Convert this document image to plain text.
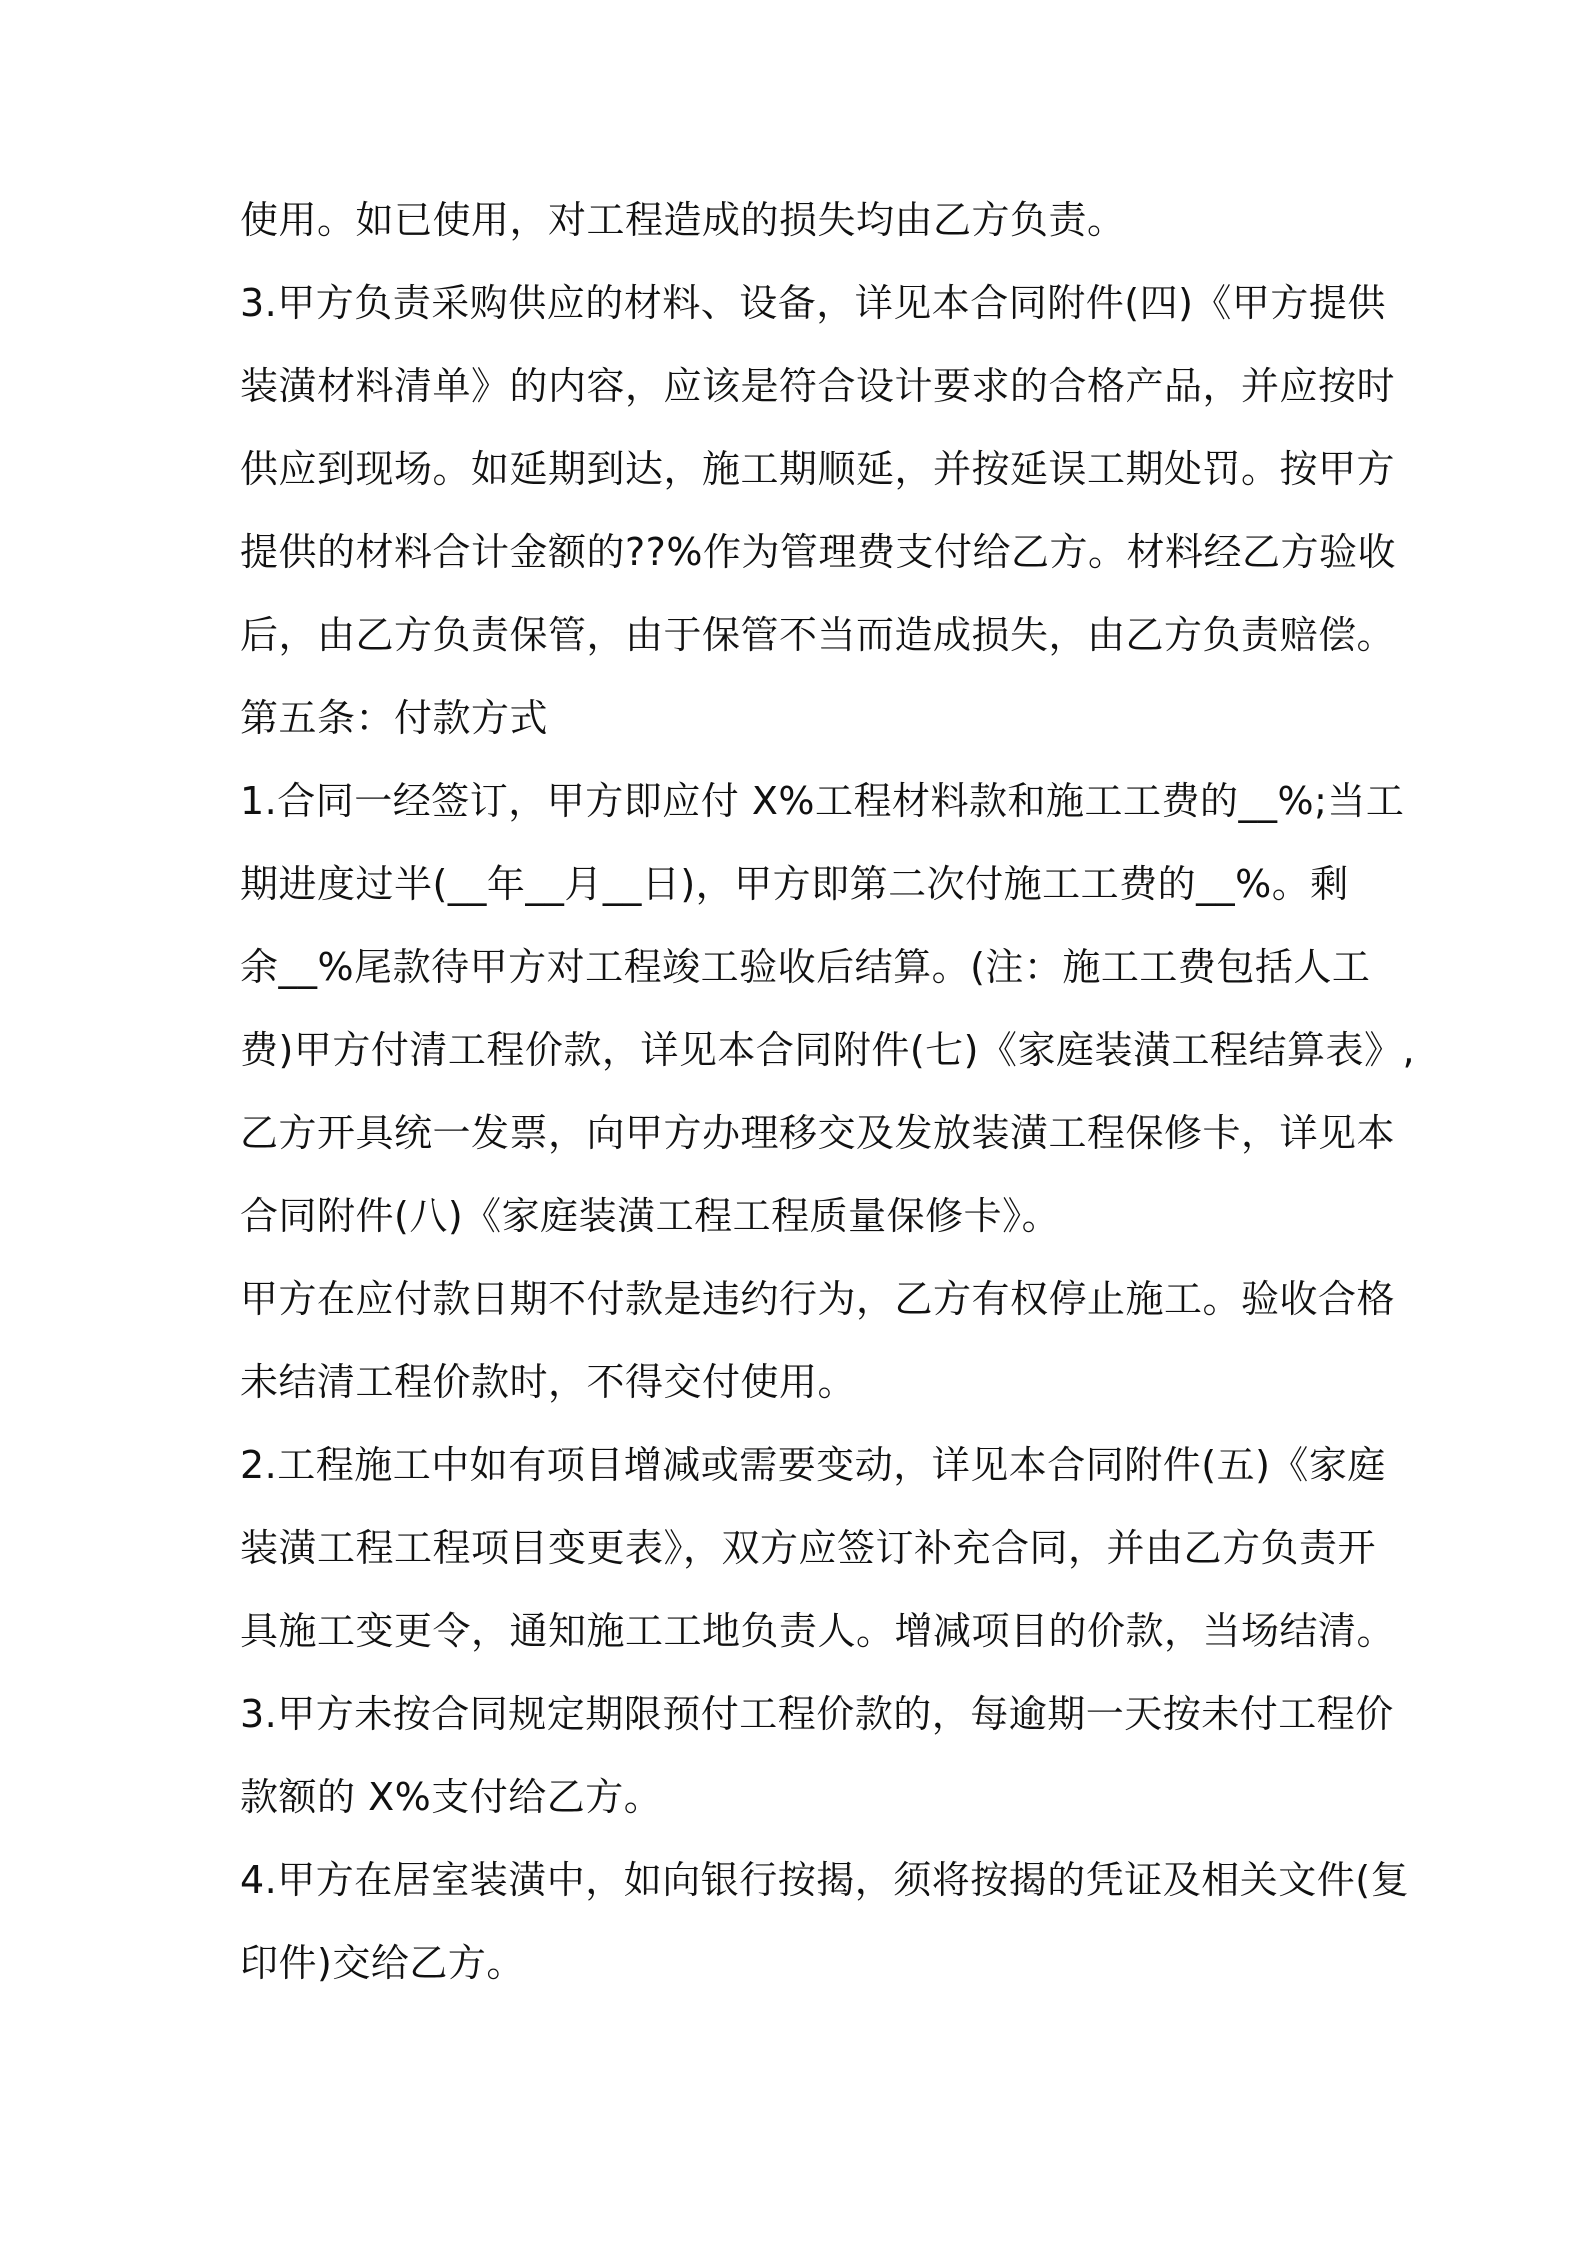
使用。如已使用，对工程造成的损失均由乙方负责。
3.甲方负责采购供应的材料、设备，详见本合同附件(四)《甲方提供
装潢材料清单》的内容，应该是符合设计要求的合格产品，并应按时
供应到现场。如延期到达，施工期顺延，并按延误工期处罚。按甲方
提供的材料合计金额的??%作为管理费支付给乙方。材料经乙方验收
后，由乙方负责保管，由于保管不当而造成损失，由乙方负责赔偿。
第五条：付款方式
1.合同一经签订，甲方即应付 X%工程材料款和施工工费的__%;当工
期进度过半(__年__月__日)，甲方即第二次付施工工费的__%。剩
余__%尾款待甲方对工程竣工验收后结算。(注：施工工费包括人工
费)甲方付清工程价款，详见本合同附件(七)《家庭装潢工程结算表》,
乙方开具统一发票，向甲方办理移交及发放装潢工程保修卡，详见本
合同附件(八)《家庭装潢工程工程质量保修卡》。
甲方在应付款日期不付款是违约行为，乙方有权停止施工。验收合格
未结清工程价款时，不得交付使用。
2.工程施工中如有项目增减或需要变动，详见本合同附件(五)《家庭
装潢工程工程项目变更表》，双方应签订补充合同，并由乙方负责开
具施工变更令，通知施工工地负责人。增减项目的价款，当场结清。
3.甲方未按合同规定期限预付工程价款的，每逾期一天按未付工程价
款额的 X%支付给乙方。
4.甲方在居室装潢中，如向银行按揭，须将按揭的凭证及相关文件(复
印件)交给乙方。
